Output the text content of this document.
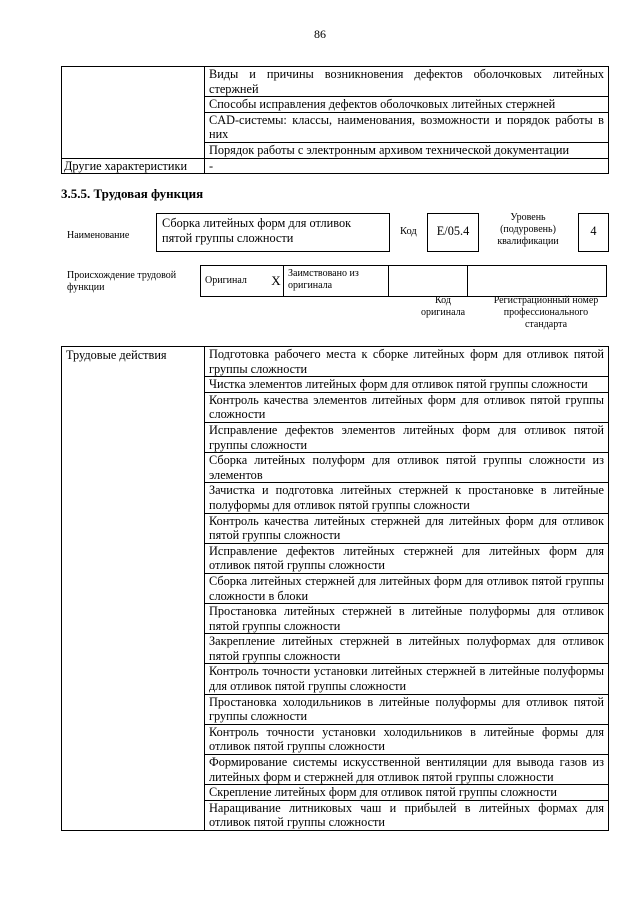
86
	Виды и причины возникновения дефектов оболочковых литейных стержней
	Способы исправления дефектов оболочковых литейных стержней
	CAD-системы: классы, наименования, возможности и порядок работы в них
	Порядок работы с электронным архивом технической документации
Другие характеристики	-
3.5.5. Трудовая функция
Наименование
Сборка литейных форм для отливок пятой группы сложности	Код	E/05.4
Уровень (подуровень) квалификации
4
Происхождение трудовой функции
Оригинал	X	Заимствовано из оригинала		
Код оригинала
Регистрационный номер профессионального стандарта
Трудовые действия	Подготовка рабочего места к сборке литейных форм для отливок пятой группы сложности
Чистка элементов литейных форм для отливок пятой группы сложности
Контроль качества элементов литейных форм для отливок пятой группы сложности
Исправление дефектов элементов литейных форм для отливок пятой группы сложности
Сборка литейных полуформ для отливок пятой группы сложности из элементов
Зачистка и подготовка литейных стержней к простановке в литейные полуформы для отливок пятой группы сложности
Контроль качества литейных стержней для литейных форм для отливок пятой группы сложности
Исправление дефектов литейных стержней для литейных форм для отливок пятой группы сложности
Сборка литейных стержней для литейных форм для отливок пятой группы сложности в блоки
Простановка литейных стержней в литейные полуформы для отливок пятой группы сложности
Закрепление литейных стержней в литейных полуформах для отливок пятой группы сложности
Контроль точности установки литейных стержней в литейные полуформы для отливок пятой группы сложности
Простановка холодильников в литейные полуформы для отливок пятой группы сложности
Контроль точности установки холодильников в литейные формы для отливок пятой группы сложности
Формирование системы искусственной вентиляции для вывода газов из литейных форм и стержней для отливок пятой группы сложности
Скрепление литейных форм для отливок пятой группы сложности
Наращивание литниковых чаш и прибылей в литейных формах для отливок пятой группы сложности
